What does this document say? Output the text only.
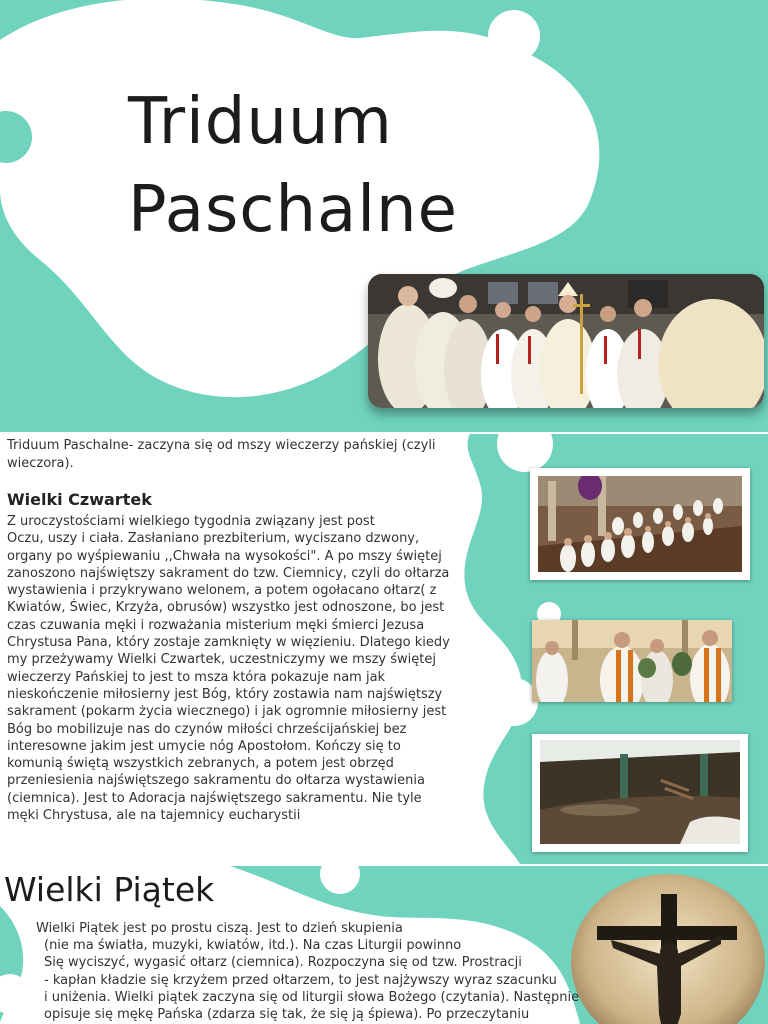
Triduum
Paschalne

Triduum Paschalne- zaczyna się od mszy wieczerzy pańskiej (czyli
wieczora).

Wielki Czwartek

Z uroczystościami wielkiego tygodnia związany jest post
Oczu, uszy i ciała. Zasłaniano prezbiterium, wyciszano dzwony,
organy po wyśpiewaniu ,,Chwała na wysokości". A po mszy świętej
zanoszono najświętszy sakrament do tzw. Ciemnicy, czyli do ołtarza
wystawienia i przykrywano welonem, a potem ogołacano ołtarz( z
Kwiatów, Świec, Krzyża, obrusów) wszystko jest odnoszone, bo jest
czas czuwania męki i rozważania misterium męki śmierci Jezusa
Chrystusa Pana, który zostaje zamknięty w więzieniu. Dlatego kiedy
my przeżywamy Wielki Czwartek, uczestniczymy we mszy świętej
wieczerzy Pańskiej to jest to msza która pokazuje nam jak
nieskończenie miłosierny jest Bóg, który zostawia nam najświętszy
sakrament (pokarm życia wiecznego) i jak ogromnie miłosierny jest
Bóg bo mobilizuje nas do czynów miłości chrześcijańskiej bez
interesowne jakim jest umycie nóg Apostołom. Kończy się to
komunią świętą wszystkich zebranych, a potem jest obrzęd
przeniesienia najświętszego sakramentu do ołtarza wystawienia
(ciemnica). Jest to Adoracja najświętszego sakramentu. Nie tyle
męki Chrystusa, ale na tajemnicy eucharystii

Wielki Piątek

Wielki Piątek jest po prostu ciszą. Jest to dzień skupienia
(nie ma światła, muzyki, kwiatów, itd.). Na czas Liturgii powinno
Się wyciszyć, wygasić ołtarz (ciemnica). Rozpoczyna się od tzw. Prostracji
- kapłan kładzie się krzyżem przed ołtarzem, to jest najżywszy wyraz szacunku
i uniżenia. Wielki piątek zaczyna się od liturgii słowa Bożego (czytania). Następnie
opisuje się mękę Pańska (zdarza się tak, że się ją śpiewa). Po przeczytaniu
